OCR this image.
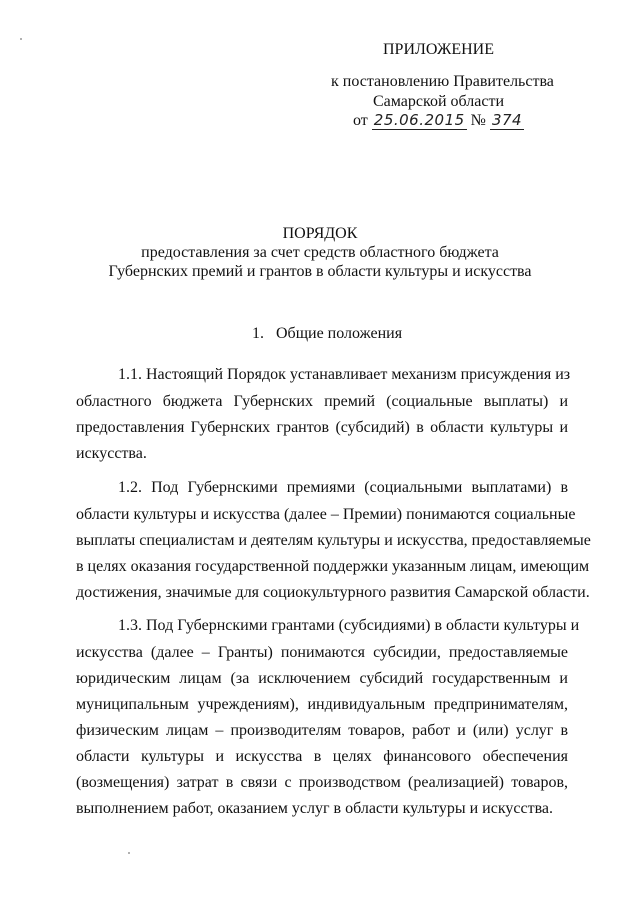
ПРИЛОЖЕНИЕ
к постановлению Правительства
Самарской области
от 25.06.2015 № 374
ПОРЯДОК
предоставления за счет средств областного бюджета
Губернских премий и грантов в области культуры и искусства
1.   Общие положения
1.1. Настоящий Порядок устанавливает механизм присуждения из
областного бюджета Губернских премий (социальные выплаты) и
предоставления Губернских грантов (субсидий) в области культуры и
искусства.
1.2. Под Губернскими премиями (социальными выплатами) в
области культуры и искусства (далее – Премии) понимаются социальные
выплаты специалистам и деятелям культуры и искусства, предоставляемые
в целях оказания государственной поддержки указанным лицам, имеющим
достижения, значимые для социокультурного развития Самарской области.
1.3. Под Губернскими грантами (субсидиями) в области культуры и
искусства (далее – Гранты) понимаются субсидии, предоставляемые
юридическим лицам (за исключением субсидий государственным и
муниципальным учреждениям), индивидуальным предпринимателям,
физическим лицам – производителям товаров, работ и (или) услуг в
области культуры и искусства в целях финансового обеспечения
(возмещения) затрат в связи с производством (реализацией) товаров,
выполнением работ, оказанием услуг в области культуры и искусства.
